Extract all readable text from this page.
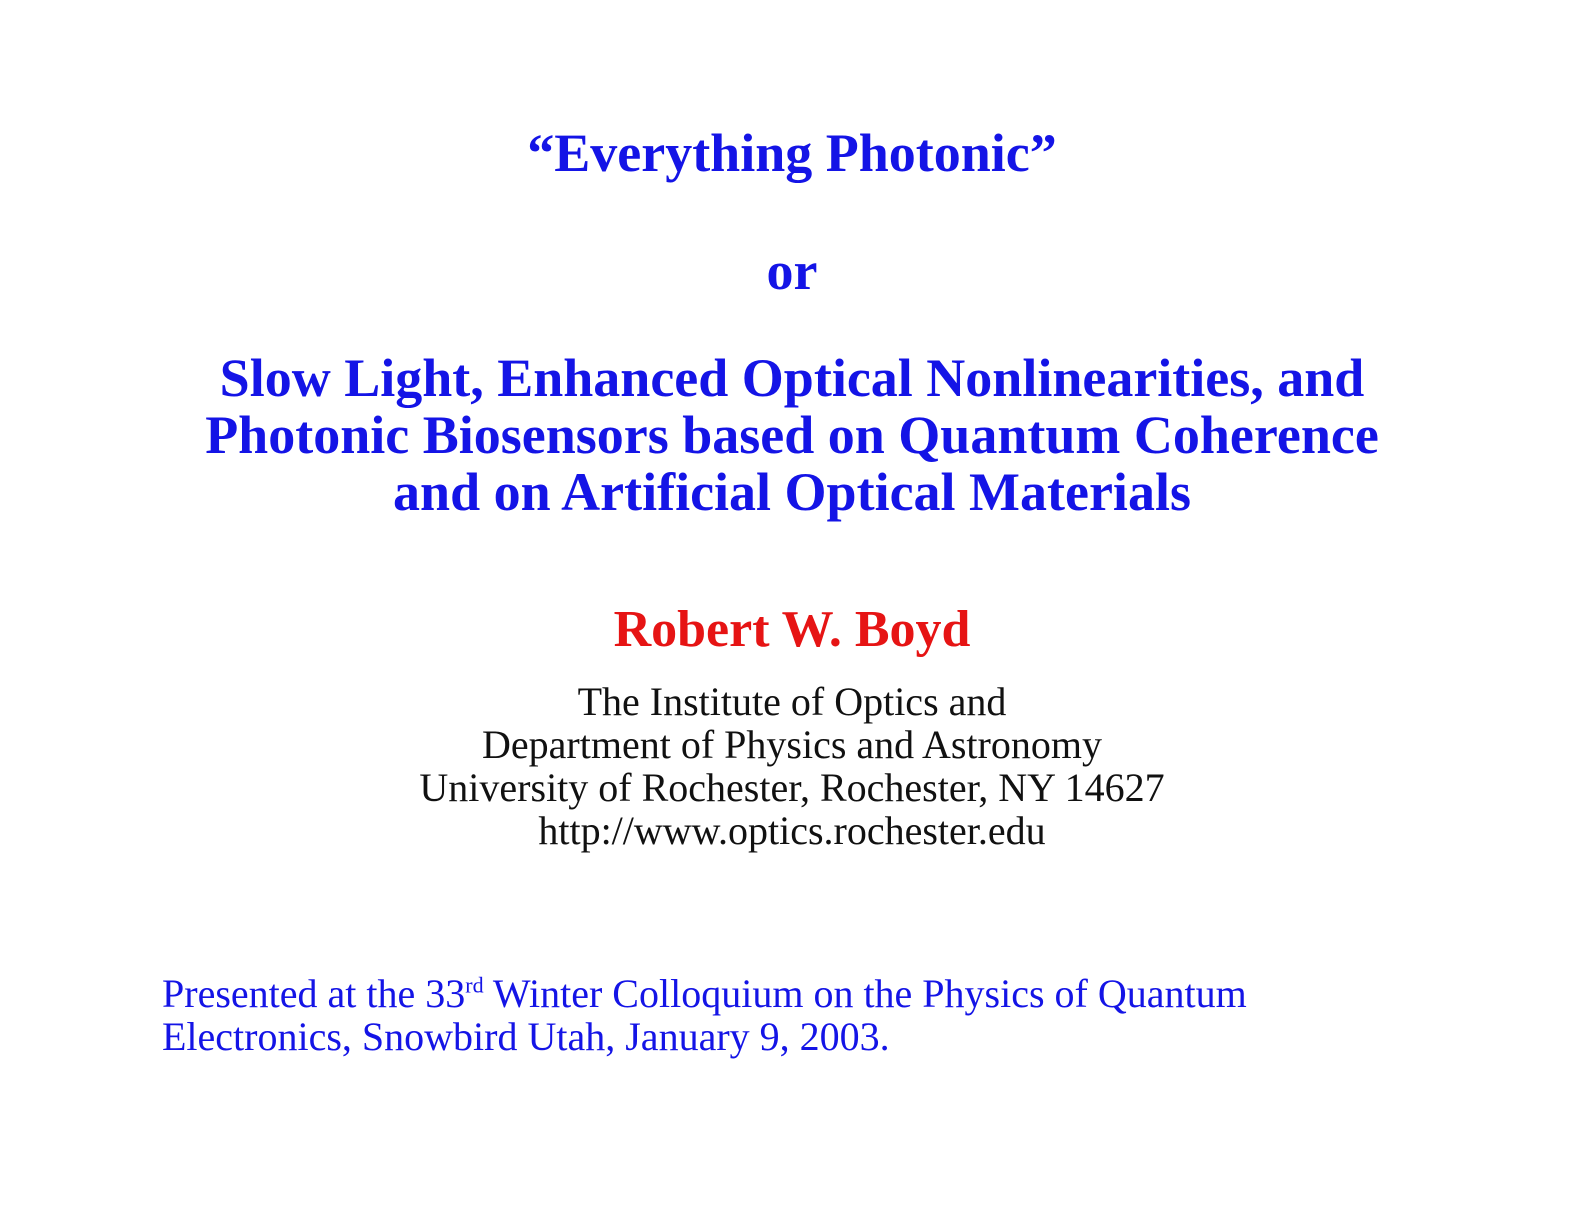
“Everything Photonic”
or
Slow Light, Enhanced Optical Nonlinearities, and
Photonic Biosensors based on Quantum Coherence
and on Artificial Optical Materials
Robert W. Boyd
The Institute of Optics and
Department of Physics and Astronomy
University of Rochester, Rochester, NY 14627
http://www.optics.rochester.edu
Presented at the 33rd Winter Colloquium on the Physics of Quantum
Electronics, Snowbird Utah, January 9, 2003.
